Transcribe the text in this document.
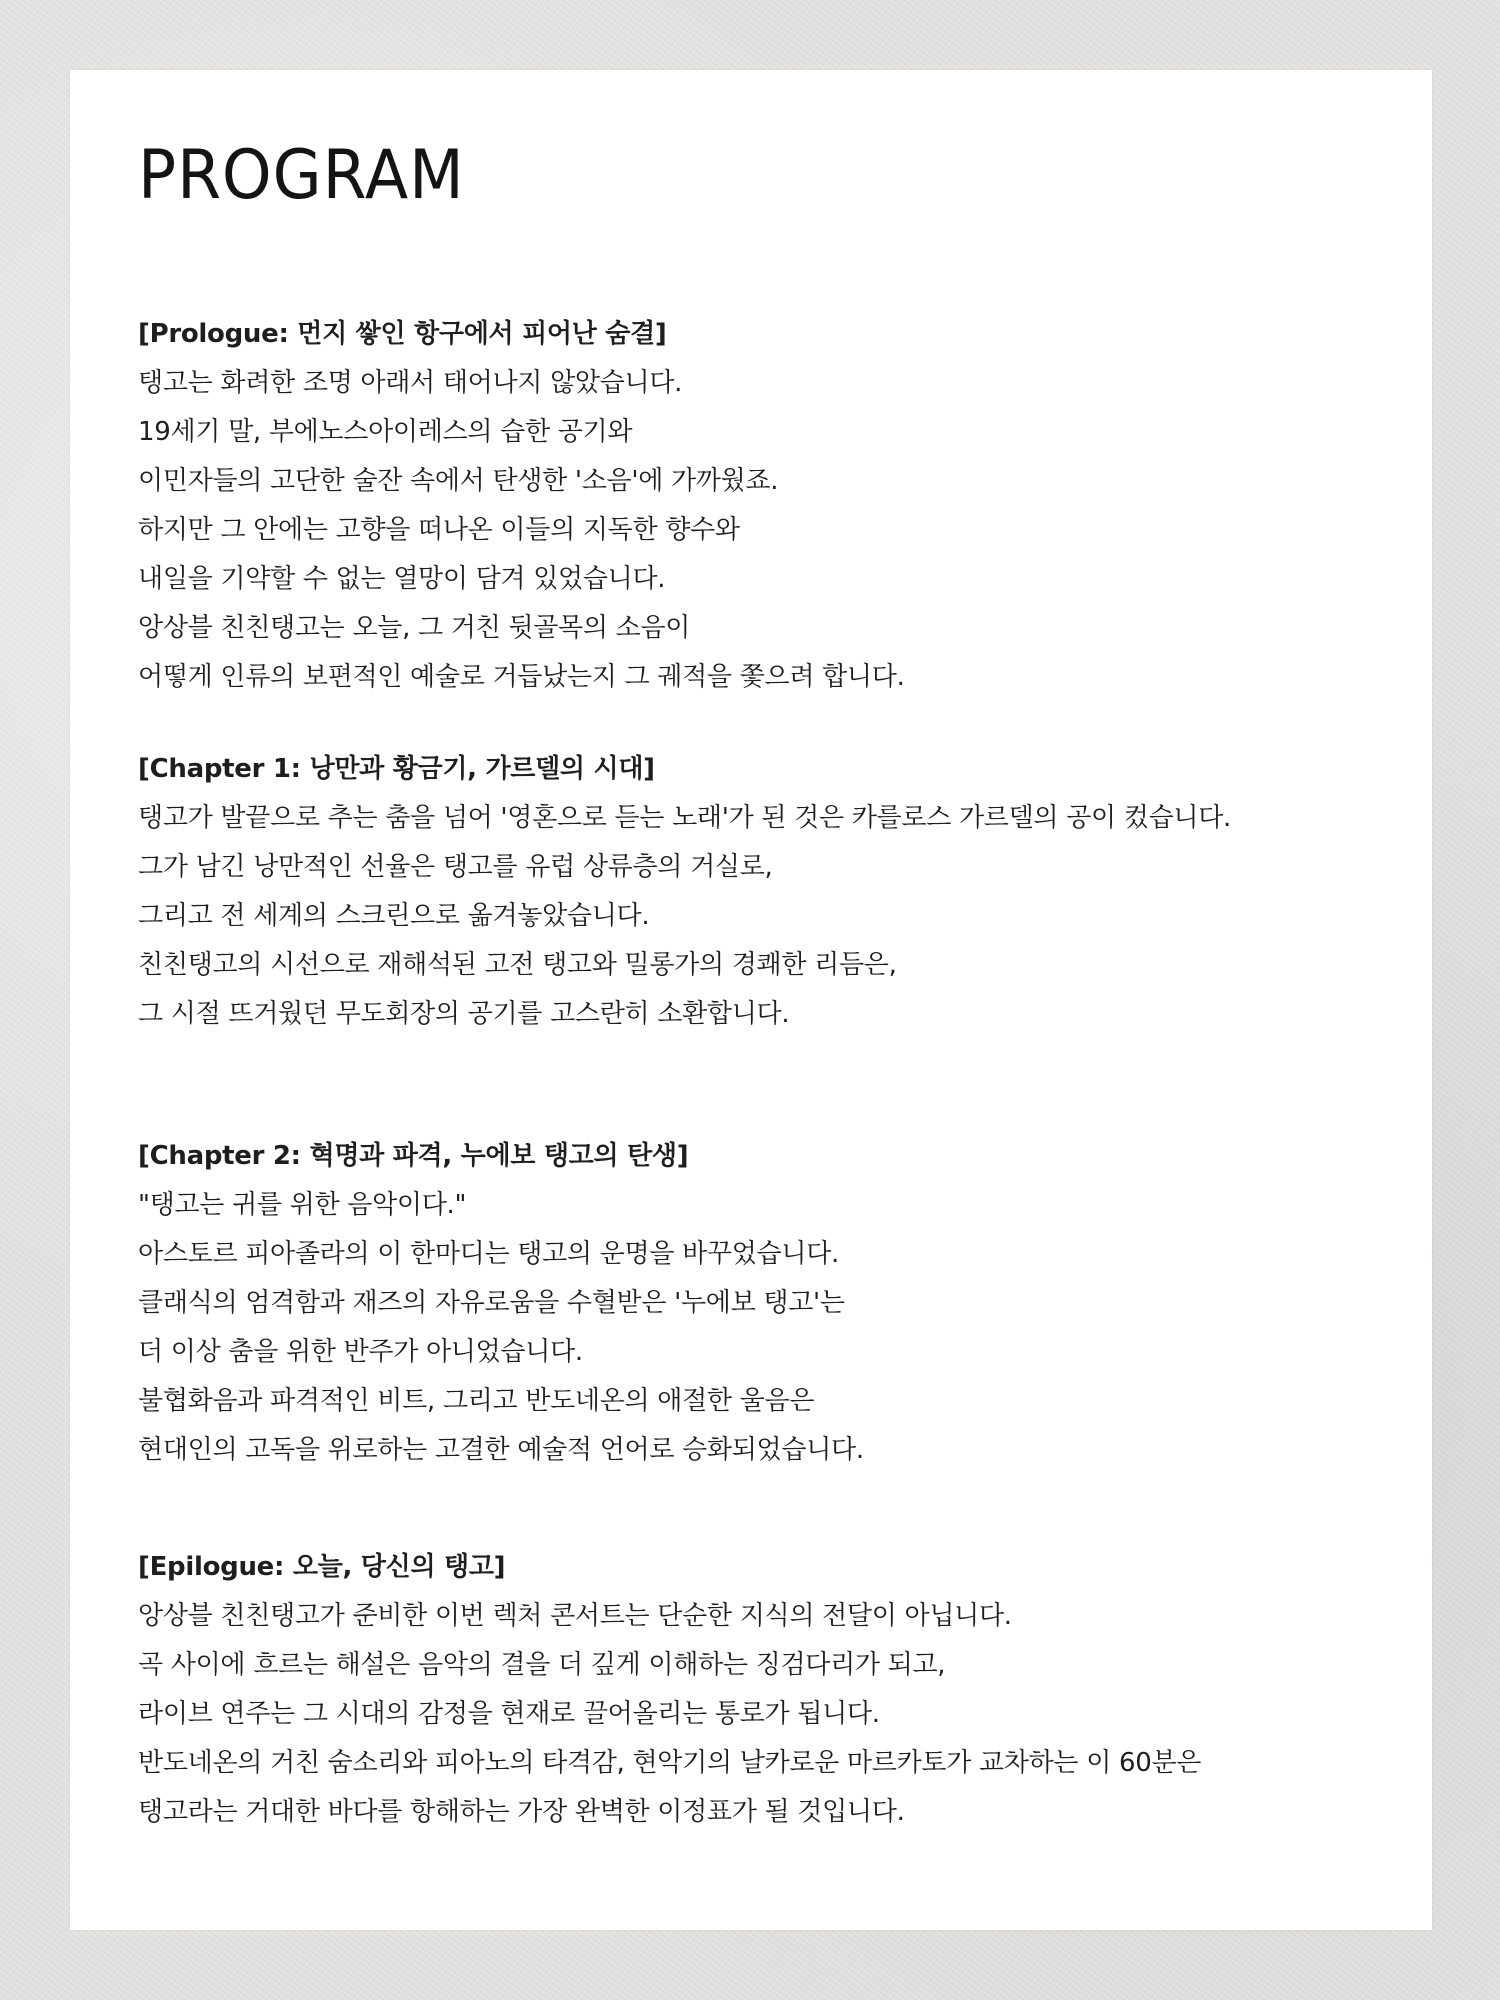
PROGRAM

[Prologue: 먼지 쌓인 항구에서 피어난 숨결]

탱고는 화려한 조명 아래서 태어나지 않았습니다.

19세기 말, 부에노스아이레스의 습한 공기와

이민자들의 고단한 술잔 속에서 탄생한 '소음'에 가까웠죠.

하지만 그 안에는 고향을 떠나온 이들의 지독한 향수와

내일을 기약할 수 없는 열망이 담겨 있었습니다.

앙상블 친친탱고는 오늘, 그 거친 뒷골목의 소음이

어떻게 인류의 보편적인 예술로 거듭났는지 그 궤적을 쫓으려 합니다.

[Chapter 1: 낭만과 황금기, 가르델의 시대]

탱고가 발끝으로 추는 춤을 넘어 '영혼으로 듣는 노래'가 된 것은 카를로스 가르델의 공이 컸습니다.

그가 남긴 낭만적인 선율은 탱고를 유럽 상류층의 거실로,

그리고 전 세계의 스크린으로 옮겨놓았습니다.

친친탱고의 시선으로 재해석된 고전 탱고와 밀롱가의 경쾌한 리듬은,

그 시절 뜨거웠던 무도회장의 공기를 고스란히 소환합니다.

[Chapter 2: 혁명과 파격, 누에보 탱고의 탄생]

"탱고는 귀를 위한 음악이다."

아스토르 피아졸라의 이 한마디는 탱고의 운명을 바꾸었습니다.

클래식의 엄격함과 재즈의 자유로움을 수혈받은 '누에보 탱고'는

더 이상 춤을 위한 반주가 아니었습니다.

불협화음과 파격적인 비트, 그리고 반도네온의 애절한 울음은

현대인의 고독을 위로하는 고결한 예술적 언어로 승화되었습니다.

[Epilogue: 오늘, 당신의 탱고]

앙상블 친친탱고가 준비한 이번 렉처 콘서트는 단순한 지식의 전달이 아닙니다.

곡 사이에 흐르는 해설은 음악의 결을 더 깊게 이해하는 징검다리가 되고,

라이브 연주는 그 시대의 감정을 현재로 끌어올리는 통로가 됩니다.

반도네온의 거친 숨소리와 피아노의 타격감, 현악기의 날카로운 마르카토가 교차하는 이 60분은

탱고라는 거대한 바다를 항해하는 가장 완벽한 이정표가 될 것입니다.
